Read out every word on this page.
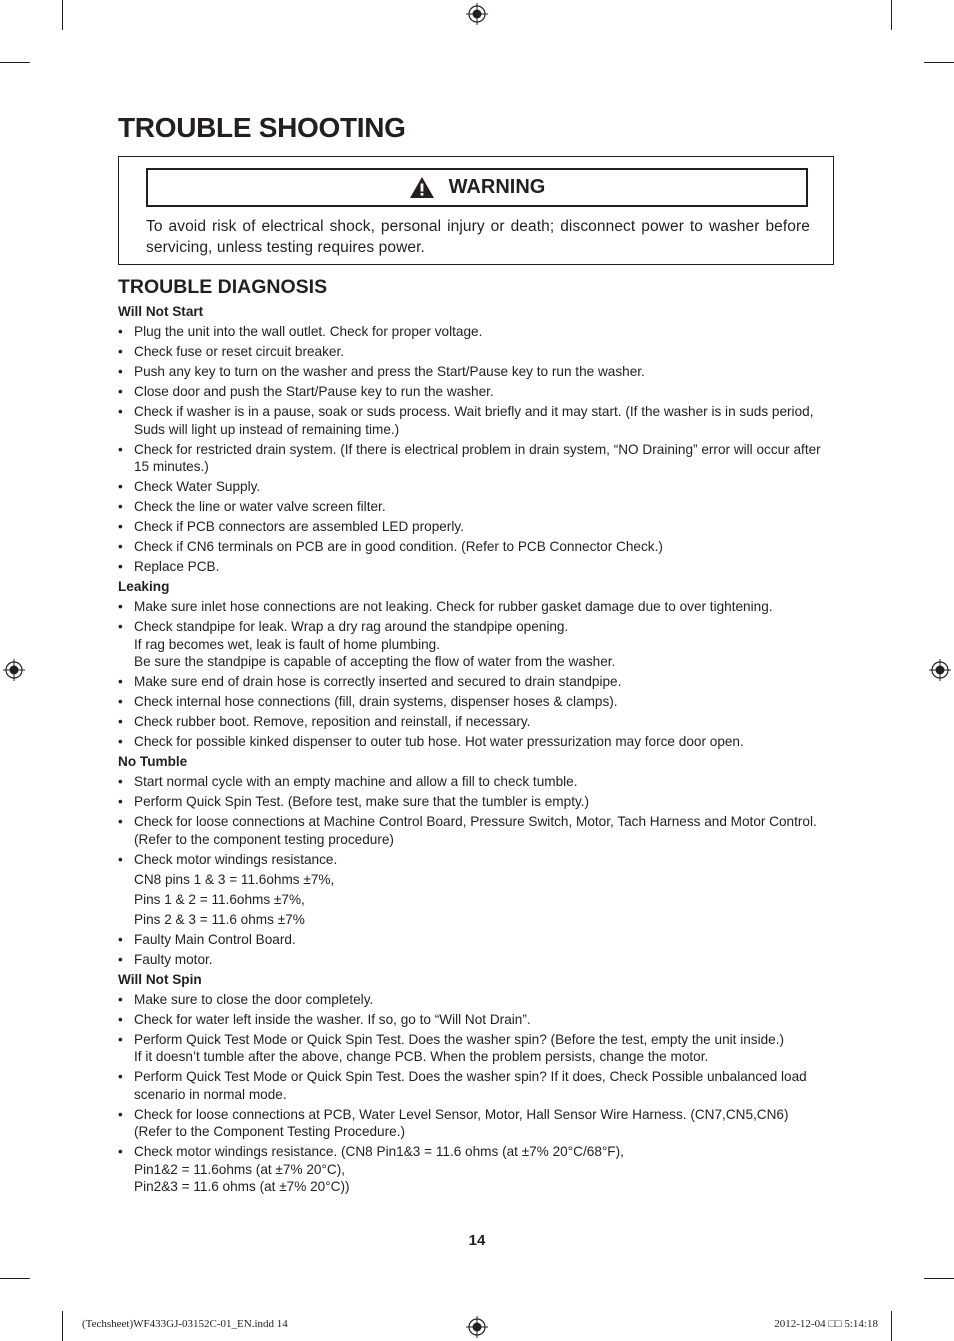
TROUBLE SHOOTING
WARNING

To avoid risk of electrical shock, personal injury or death; disconnect power to washer before servicing, unless testing requires power.

TROUBLE DIAGNOSIS
Will Not Start
• Plug the unit into the wall outlet. Check for proper voltage.
• Check fuse or reset circuit breaker.
• Push any key to turn on the washer and press the Start/Pause key to run the washer.
• Close door and push the Start/Pause key to run the washer.
• Check if washer is in a pause, soak or suds process. Wait briefly and it may start. (If the washer is in suds period, Suds will light up instead of remaining time.)
• Check for restricted drain system. (If there is electrical problem in drain system, “NO Draining” error will occur after 15 minutes.)
• Check Water Supply.
• Check the line or water valve screen filter.
• Check if PCB connectors are assembled LED properly.
• Check if CN6 terminals on PCB are in good condition. (Refer to PCB Connector Check.)
• Replace PCB.
Leaking
• Make sure inlet hose connections are not leaking. Check for rubber gasket damage due to over tightening.
• Check standpipe for leak. Wrap a dry rag around the standpipe opening.
If rag becomes wet, leak is fault of home plumbing.
Be sure the standpipe is capable of accepting the flow of water from the washer.
• Make sure end of drain hose is correctly inserted and secured to drain standpipe.
• Check internal hose connections (fill, drain systems, dispenser hoses & clamps).
• Check rubber boot. Remove, reposition and reinstall, if necessary.
• Check for possible kinked dispenser to outer tub hose. Hot water pressurization may force door open.
No Tumble
• Start normal cycle with an empty machine and allow a fill to check tumble.
• Perform Quick Spin Test. (Before test, make sure that the tumbler is empty.)
• Check for loose connections at Machine Control Board, Pressure Switch, Motor, Tach Harness and Motor Control. (Refer to the component testing procedure)
• Check motor windings resistance.
CN8 pins 1 & 3 = 11.6ohms ±7%,
Pins 1 & 2 = 11.6ohms ±7%,
Pins 2 & 3 = 11.6 ohms ±7%
• Faulty Main Control Board.
• Faulty motor.
Will Not Spin
• Make sure to close the door completely.
• Check for water left inside the washer. If so, go to “Will Not Drain”.
• Perform Quick Test Mode or Quick Spin Test. Does the washer spin? (Before the test, empty the unit inside.)
If it doesn’t tumble after the above, change PCB. When the problem persists, change the motor.
• Perform Quick Test Mode or Quick Spin Test. Does the washer spin? If it does, Check Possible unbalanced load scenario in normal mode.
• Check for loose connections at PCB, Water Level Sensor, Motor, Hall Sensor Wire Harness. (CN7,CN5,CN6)
(Refer to the Component Testing Procedure.)
• Check motor windings resistance. (CN8 Pin1&3 = 11.6 ohms (at ±7% 20°C/68°F),
Pin1&2 = 11.6ohms (at ±7% 20°C),
Pin2&3 = 11.6 ohms (at ±7% 20°C))
14
(Techsheet)WF433GJ-03152C-01_EN.indd 14	2012-12-04 □□ 5:14:18
